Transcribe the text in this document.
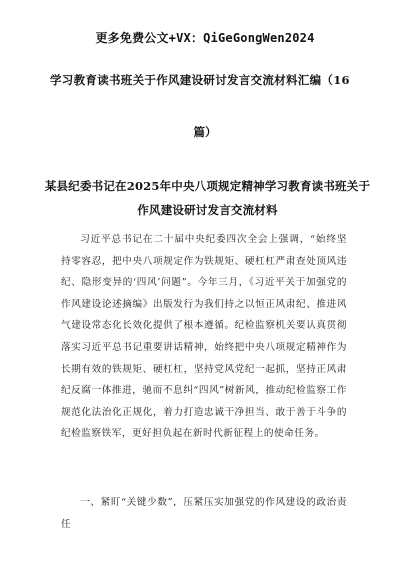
更多免费公文+VX：QiGeGongWen2024
学习教育读书班关于作风建设研讨发言交流材料汇编（16
篇）
某县纪委书记在2025年中央八项规定精神学习教育读书班关于作风建设研讨发言交流材料
习近平总书记在二十届中央纪委四次全会上强调，“始终坚持零容忍，把中央八项规定作为铁规矩、硬杠杠严肃查处顶风违纪、隐形变异的‘四风’问题”。今年三月，《习近平关于加强党的作风建设论述摘编》出版发行为我们持之以恒正风肃纪、推进风气建设常态化长效化提供了根本遵循。纪检监察机关要认真贯彻落实习近平总书记重要讲话精神，始终把中央八项规定精神作为长期有效的铁规矩、硬杠杠，坚持党风党纪一起抓，坚持正风肃纪反腐一体推进，驰而不息纠“四风”树新风，推动纪检监察工作规范化法治化正规化，着力打造忠诚干净担当、敢于善于斗争的纪检监察铁军，更好担负起在新时代新征程上的使命任务。
一、紧盯“关键少数”，压紧压实加强党的作风建设的政治责任
